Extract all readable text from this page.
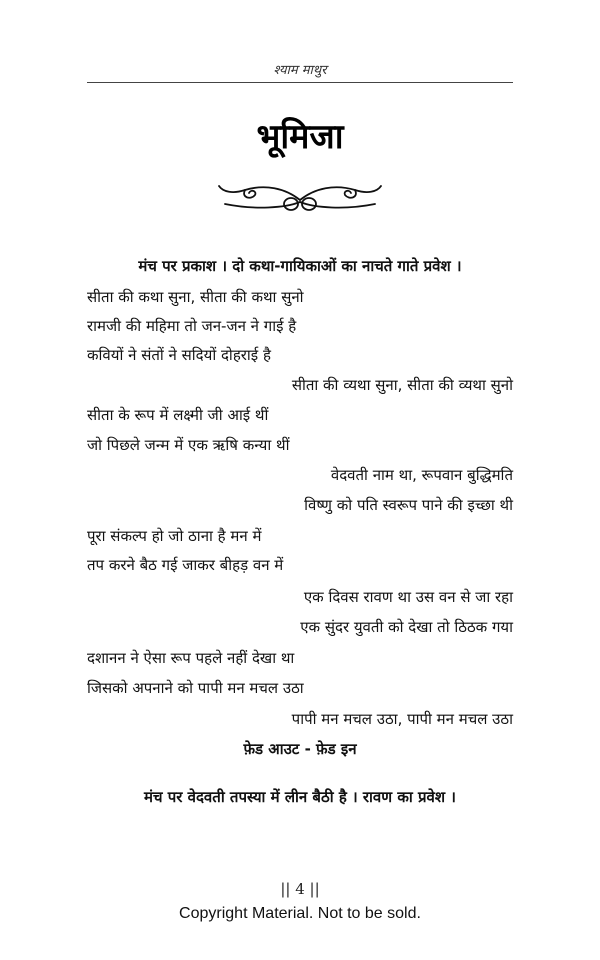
श्याम माथुर
भूमिजा
मंच पर प्रकाश । दो कथा-गायिकाओं का नाचते गाते प्रवेश ।
सीता की कथा सुना, सीता की कथा सुनो
रामजी की महिमा तो जन-जन ने गाई है
कवियों ने संतों ने सदियों दोहराई है
सीता की व्यथा सुना, सीता की व्यथा सुनो
सीता के रूप में लक्ष्मी जी आई थीं
जो पिछले जन्म में एक ऋषि कन्या थीं
वेदवती नाम था, रूपवान बुद्धिमति
विष्णु को पति स्वरूप पाने की इच्छा थी
पूरा संकल्प हो जो ठाना है मन में
तप करने बैठ गई जाकर बीहड़ वन में
एक दिवस रावण था उस वन से जा रहा
एक सुंदर युवती को देखा तो ठिठक गया
दशानन ने ऐसा रूप पहले नहीं देखा था
जिसको अपनाने को पापी मन मचल उठा
पापी मन मचल उठा, पापी मन मचल उठा
फ़ेड आउट - फ़ेड इन
मंच पर वेदवती तपस्या में लीन बैठी है । रावण का प्रवेश ।
|| 4 ||
Copyright Material. Not to be sold.
